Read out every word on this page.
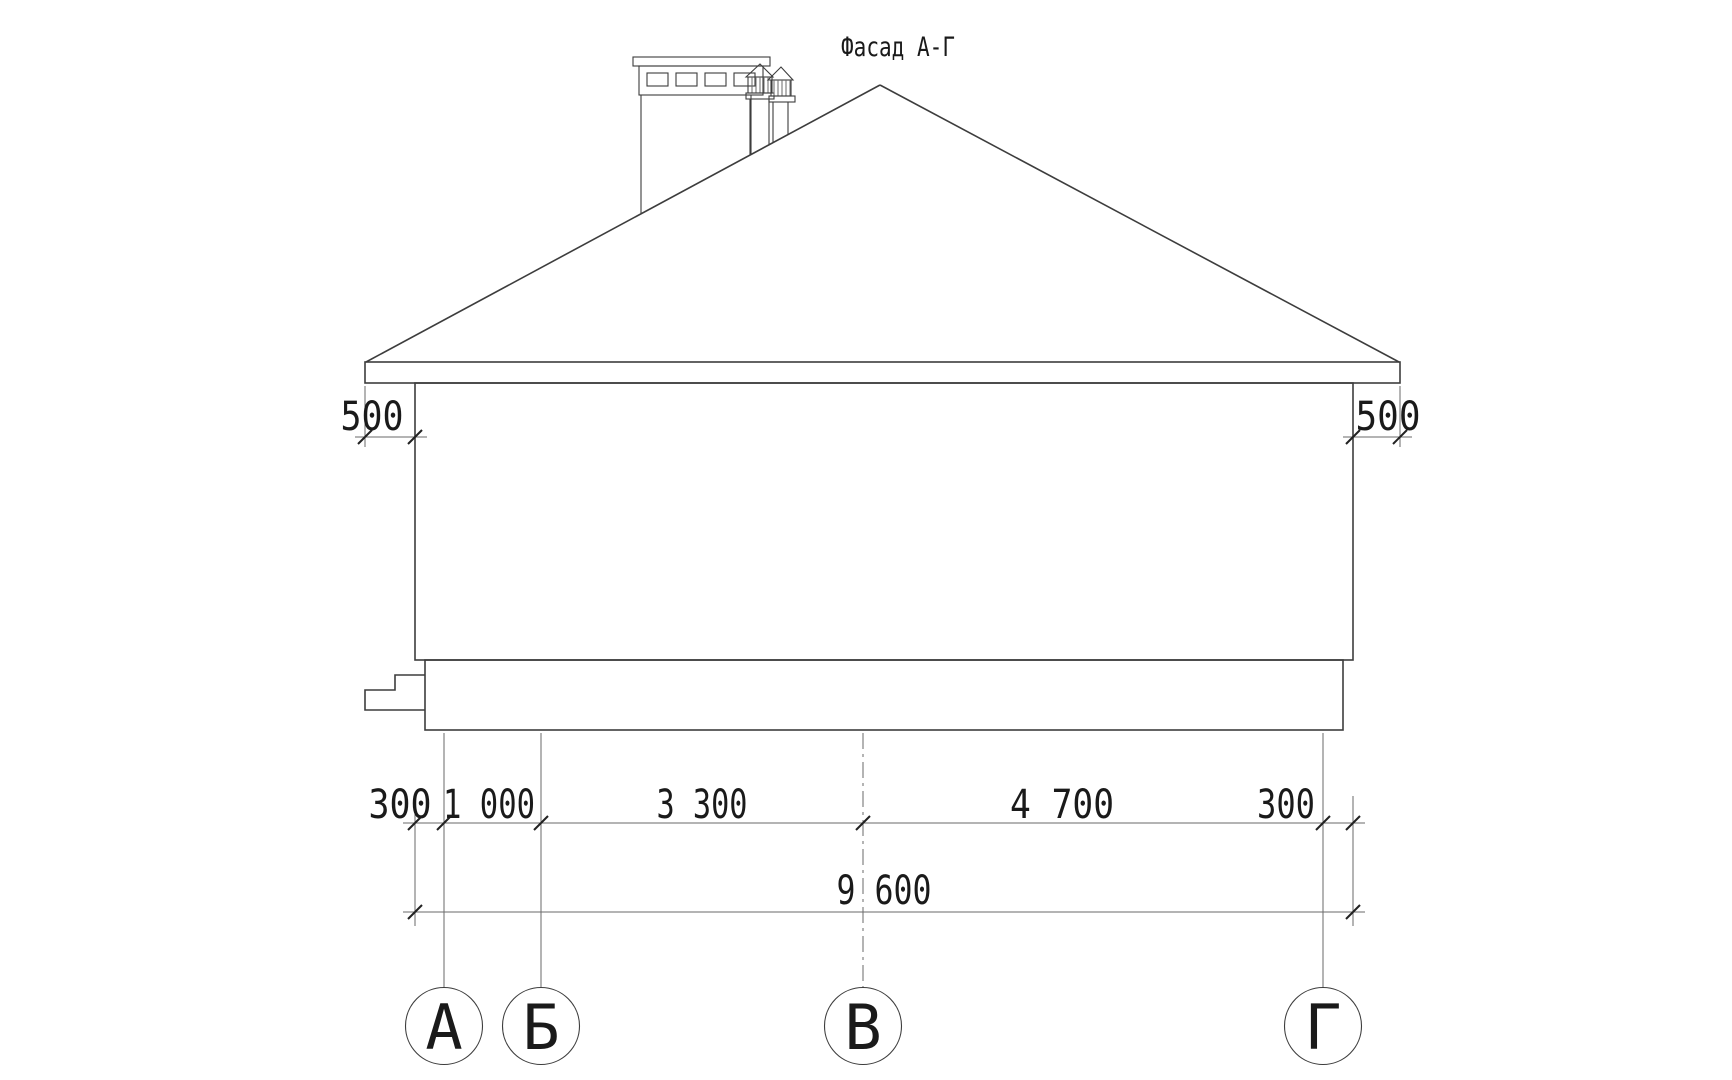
Фасад А-Г
500	500
300 1 000	3 300	4 700	300
9 600
А Б	В	Г
